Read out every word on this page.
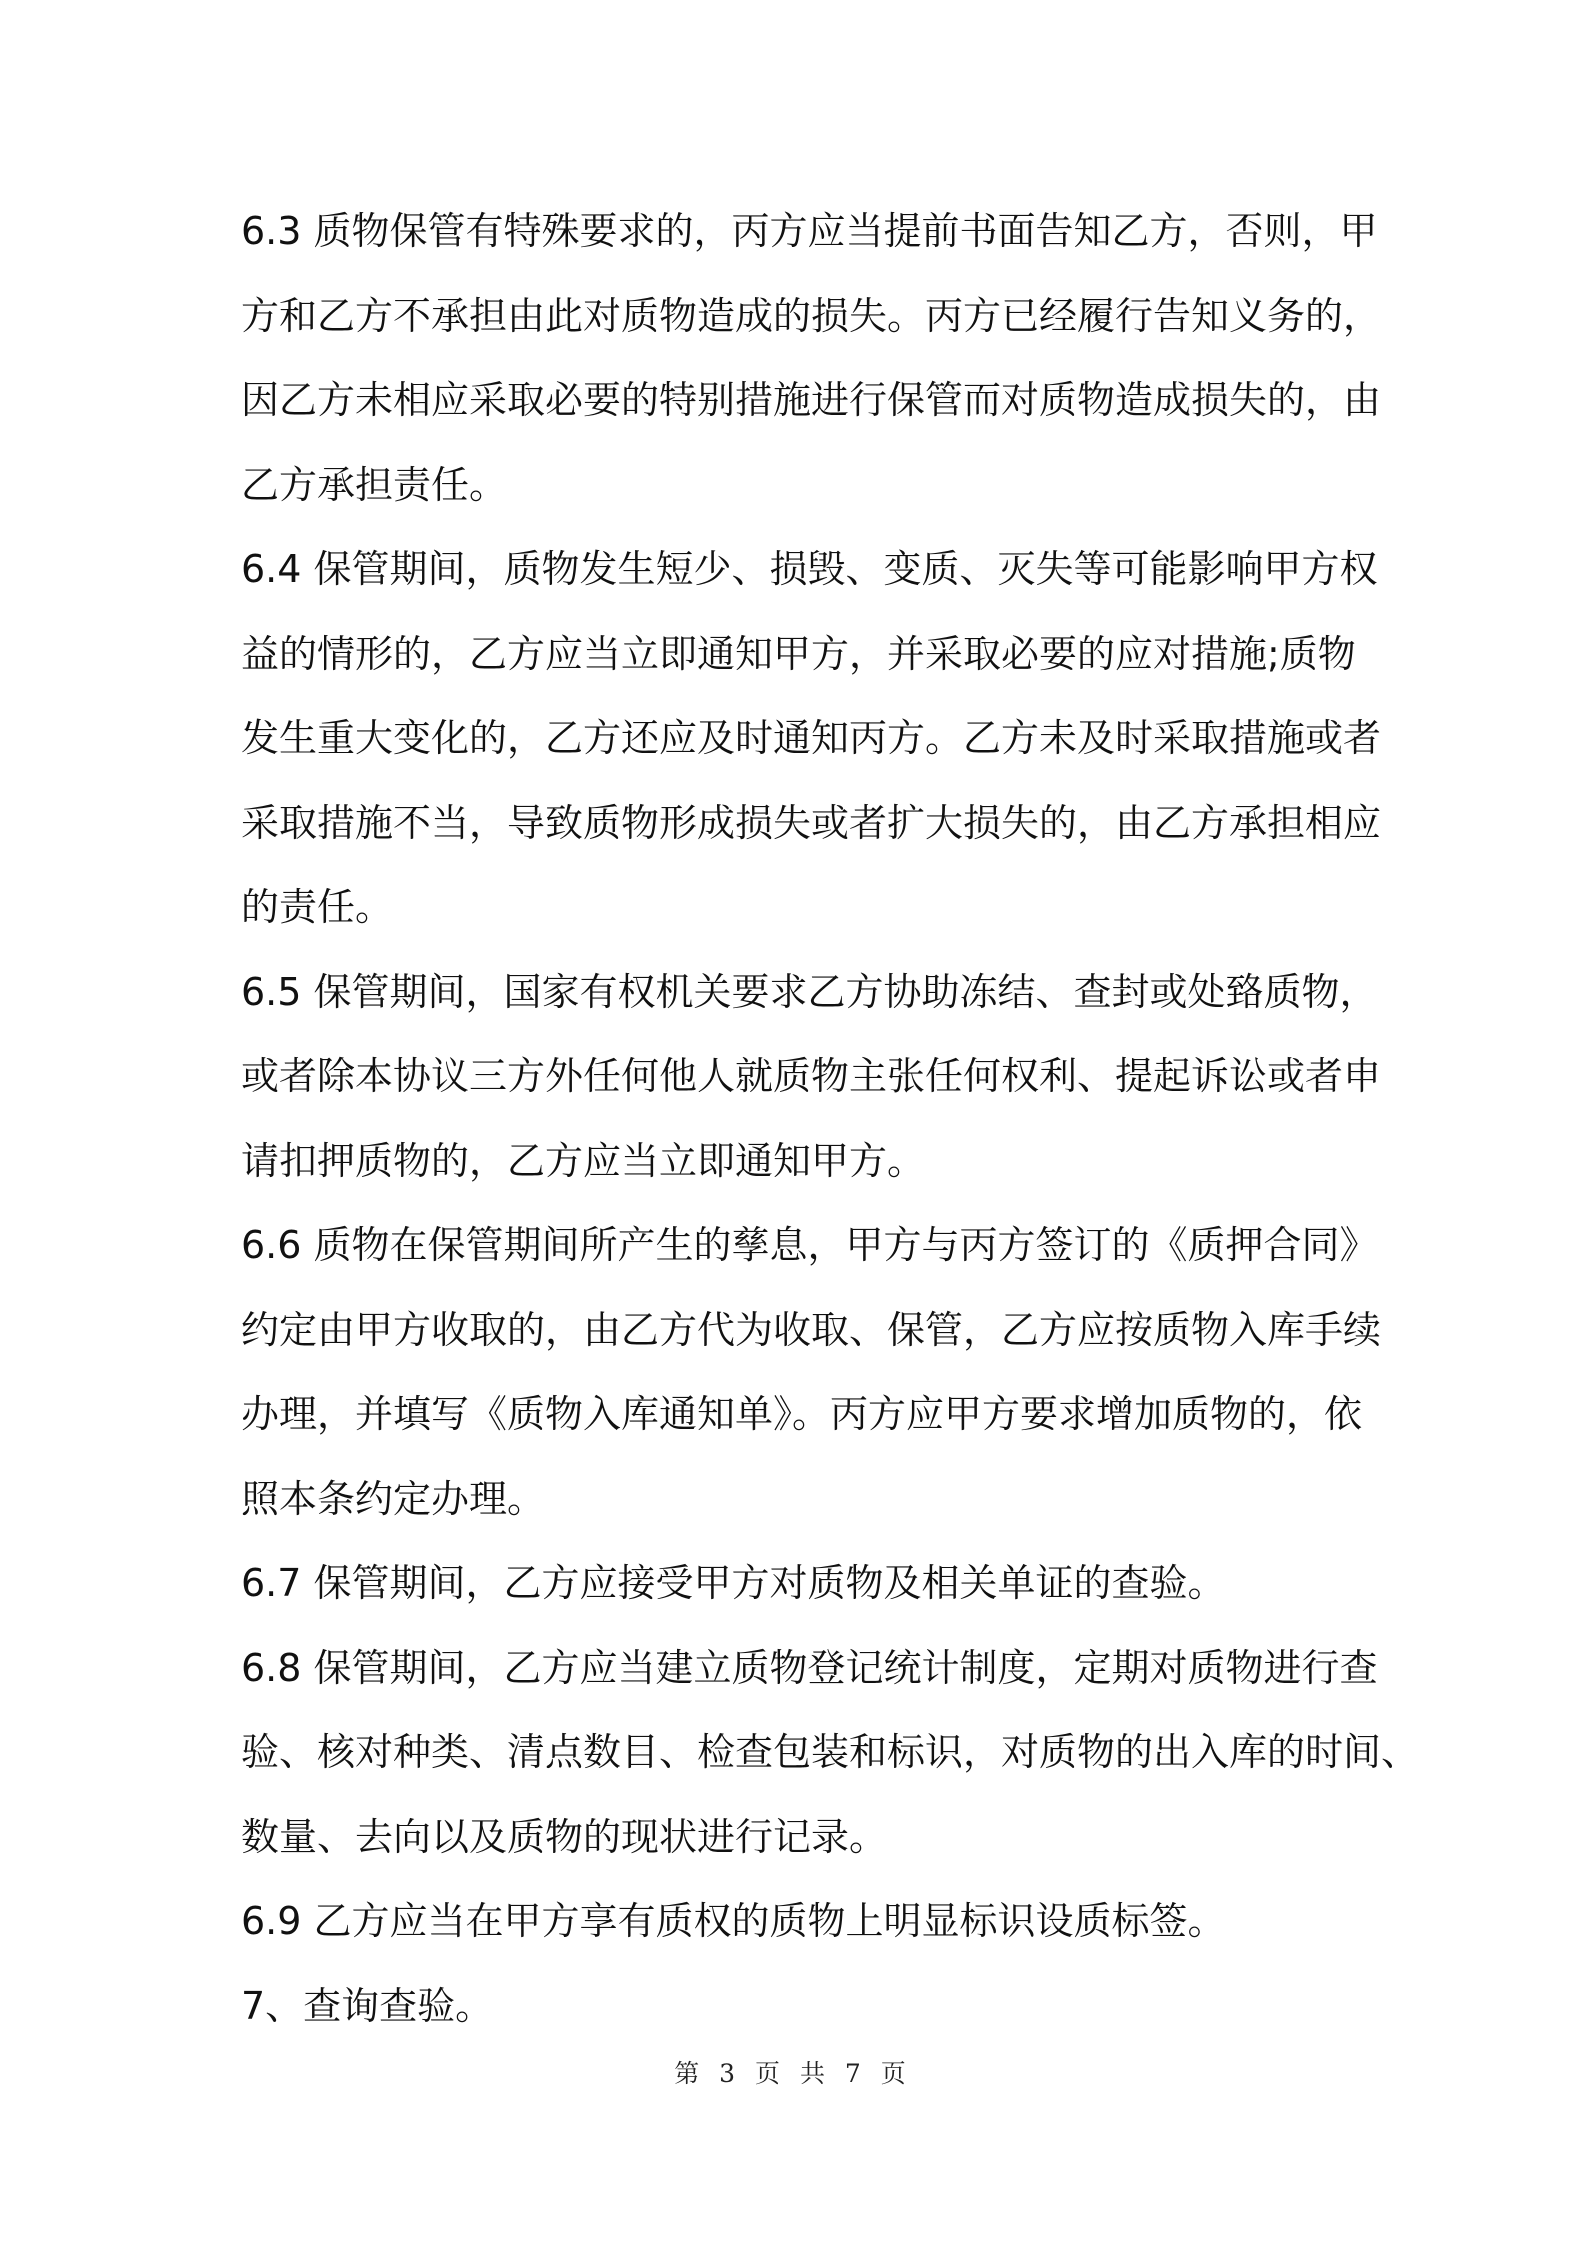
6.3 质物保管有特殊要求的，丙方应当提前书面告知乙方，否则，甲
方和乙方不承担由此对质物造成的损失。丙方已经履行告知义务的，
因乙方未相应采取必要的特别措施进行保管而对质物造成损失的，由
乙方承担责任。
6.4 保管期间，质物发生短少、损毁、变质、灭失等可能影响甲方权
益的情形的，乙方应当立即通知甲方，并采取必要的应对措施;质物
发生重大变化的，乙方还应及时通知丙方。乙方未及时采取措施或者
采取措施不当，导致质物形成损失或者扩大损失的，由乙方承担相应
的责任。
6.5 保管期间，国家有权机关要求乙方协助冻结、查封或处臵质物，
或者除本协议三方外任何他人就质物主张任何权利、提起诉讼或者申
请扣押质物的，乙方应当立即通知甲方。
6.6 质物在保管期间所产生的孳息，甲方与丙方签订的《质押合同》
约定由甲方收取的，由乙方代为收取、保管，乙方应按质物入库手续
办理，并填写《质物入库通知单》。丙方应甲方要求增加质物的，依
照本条约定办理。
6.7 保管期间，乙方应接受甲方对质物及相关单证的查验。
6.8 保管期间，乙方应当建立质物登记统计制度，定期对质物进行查
验、核对种类、清点数目、检查包装和标识，对质物的出入库的时间、
数量、去向以及质物的现状进行记录。
6.9 乙方应当在甲方享有质权的质物上明显标识设质标签。
7、查询查验。
第 3 页 共 7 页
